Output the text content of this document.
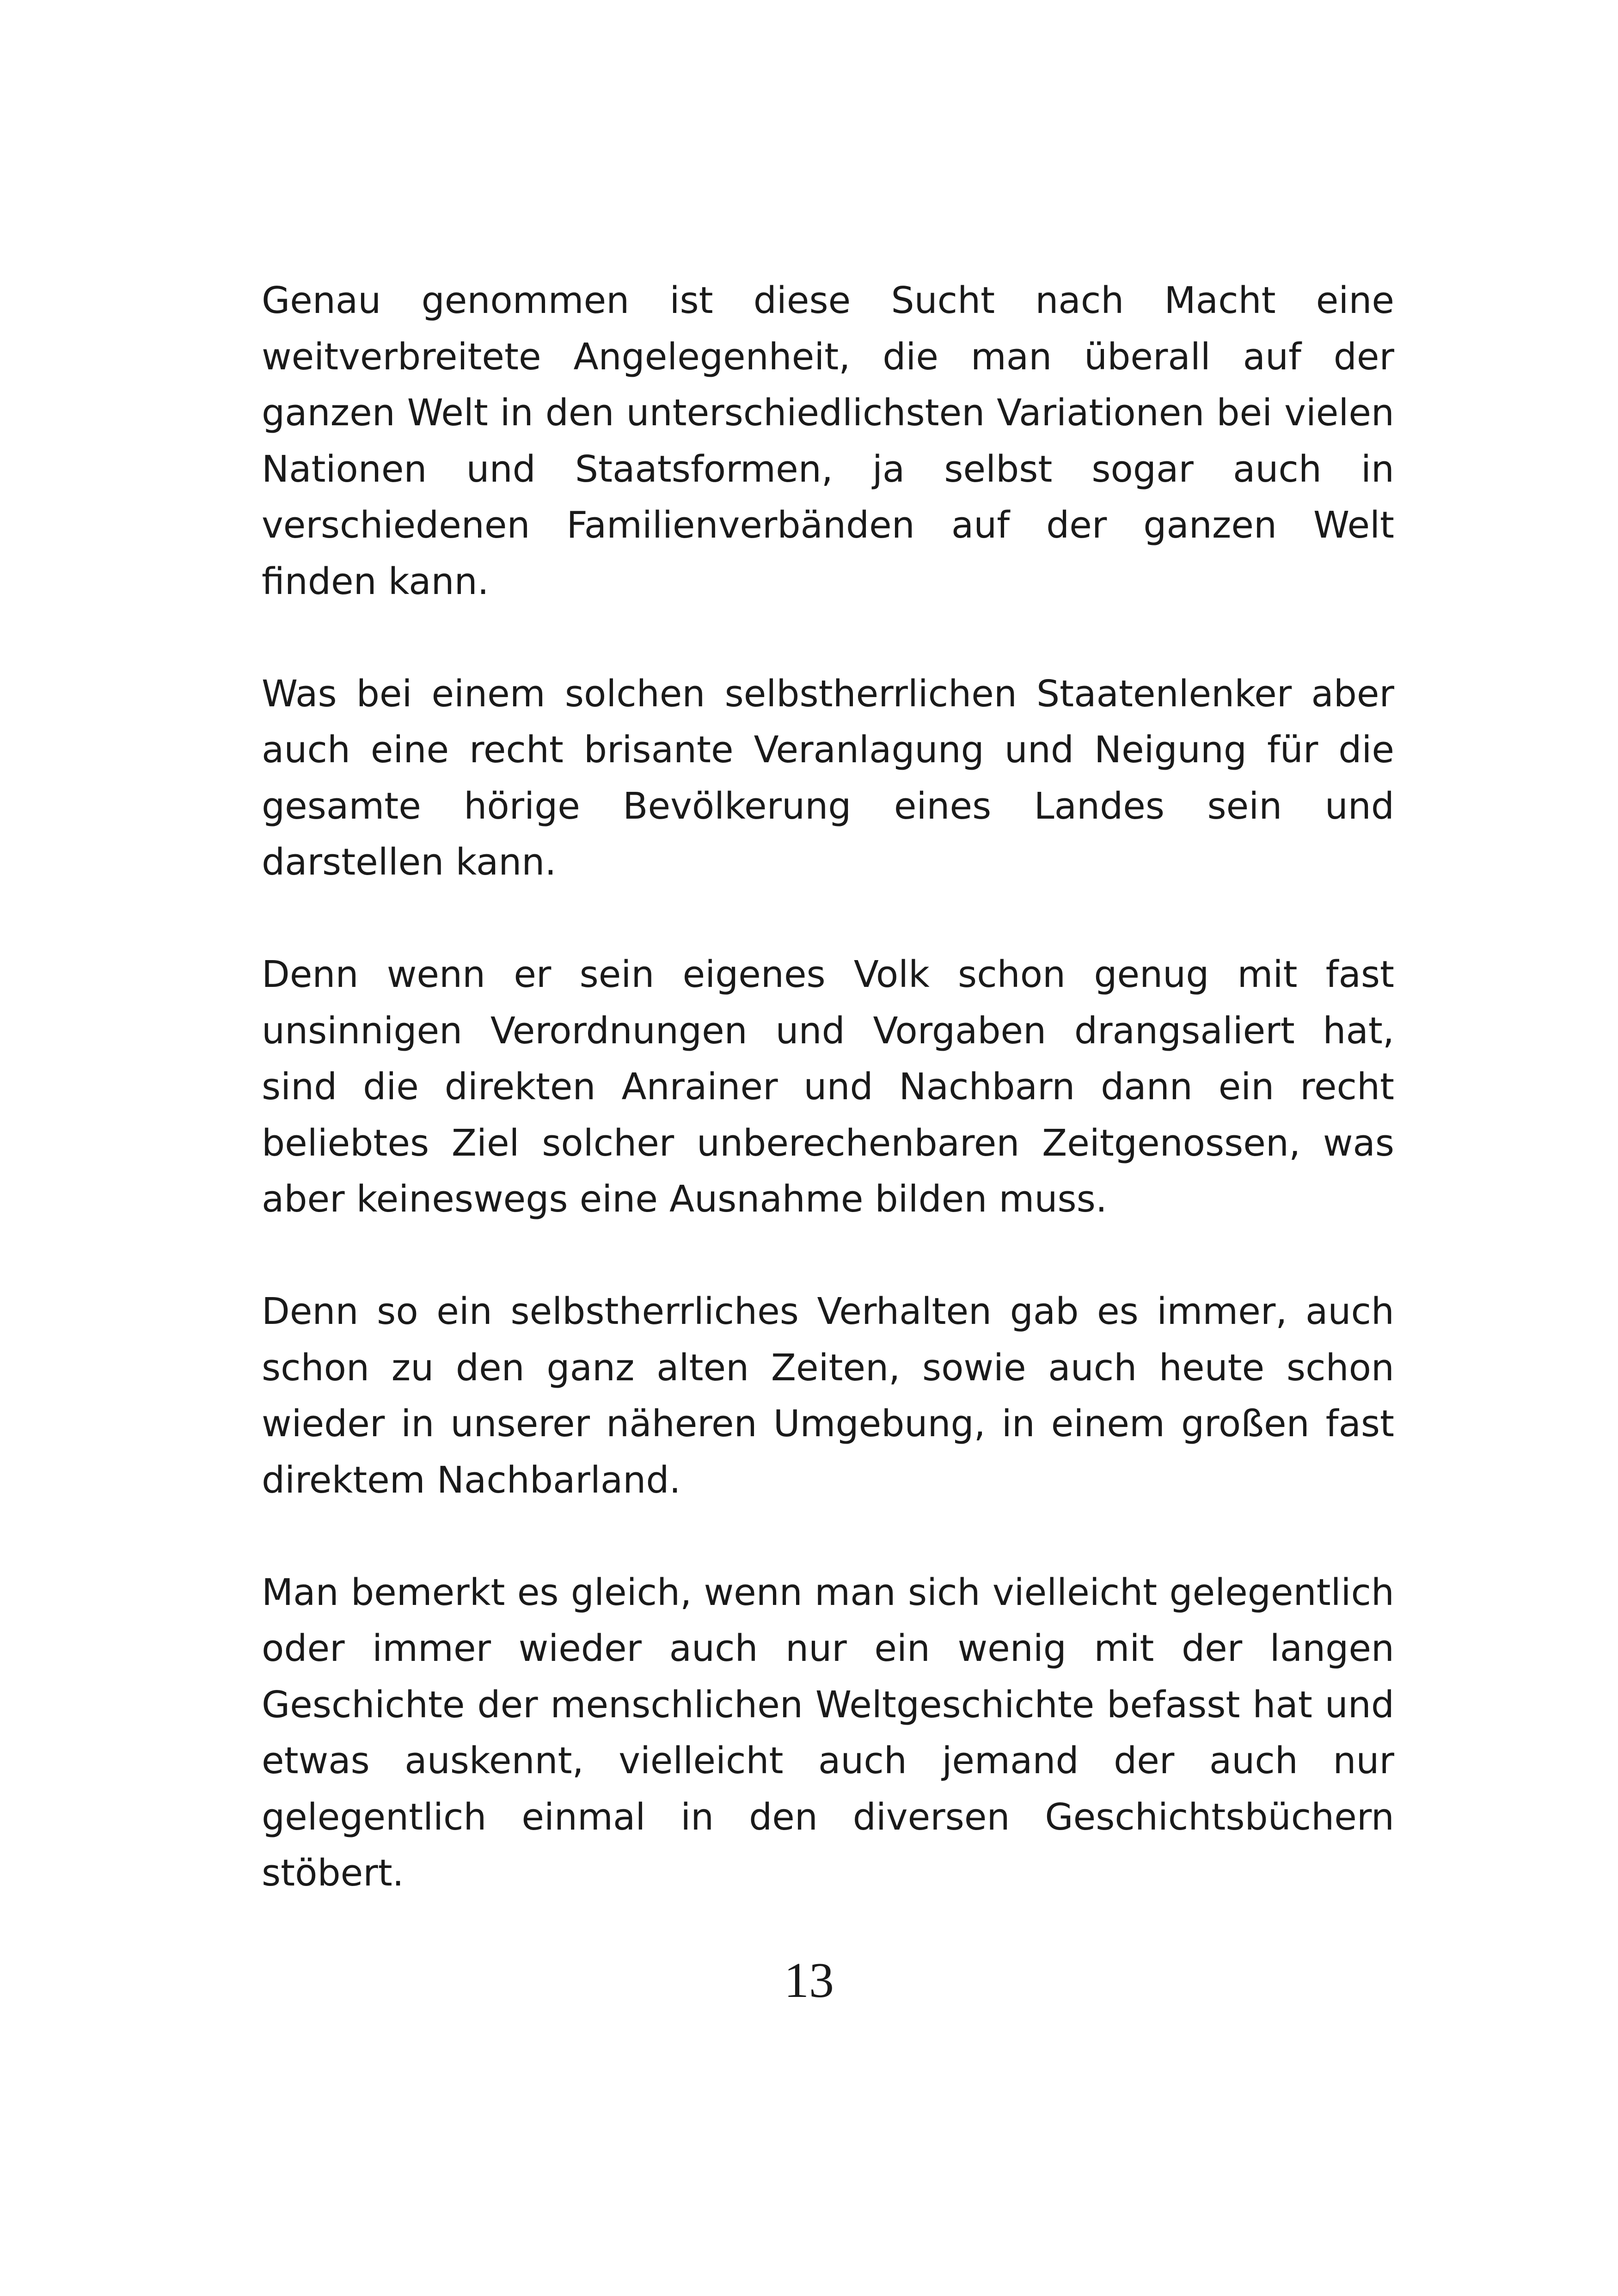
Genau genommen ist diese Sucht nach Macht eine weitverbreitete Angelegenheit, die man überall auf der ganzen Welt in den unterschiedlichsten Variationen bei vielen Nationen und Staatsformen, ja selbst sogar auch in verschiedenen Familienverbänden auf der ganzen Welt finden kann.

Was bei einem solchen selbstherrlichen Staatenlenker aber auch eine recht brisante Veranlagung und Neigung für die gesamte hörige Bevölkerung eines Landes sein und darstellen kann.

Denn wenn er sein eigenes Volk schon genug mit fast unsinnigen Verordnungen und Vorgaben drangsaliert hat, sind die direkten Anrainer und Nachbarn dann ein recht beliebtes Ziel solcher unberechenbaren Zeitgenossen, was aber keineswegs eine Ausnahme bilden muss.

Denn so ein selbstherrliches Verhalten gab es immer, auch schon zu den ganz alten Zeiten, sowie auch heute schon wieder in unserer näheren Umgebung, in einem großen fast direktem Nachbarland.

Man bemerkt es gleich, wenn man sich vielleicht gelegentlich oder immer wieder auch nur ein wenig mit der langen Geschichte der menschlichen Weltgeschichte befasst hat und etwas auskennt, vielleicht auch jemand der auch nur gelegentlich einmal in den diversen Geschichtsbüchern stöbert.

13
